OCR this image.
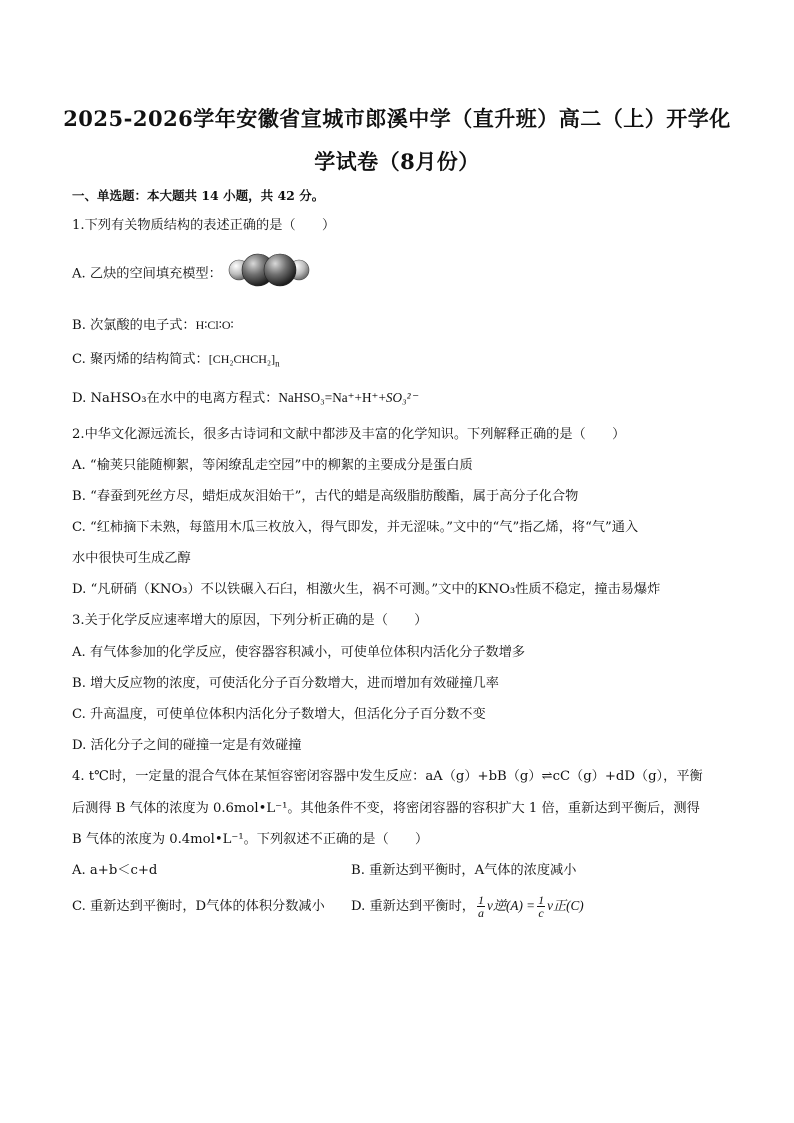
2025-2026学年安徽省宣城市郎溪中学（直升班）高二（上）开学化
学试卷（8月份）
一、单选题：本大题共 14 小题，共 42 分。
1.下列有关物质结构的表述正确的是（　　）
A. 乙炔的空间填充模型：
B. 次氯酸的电子式：H∶Cl∶O∶
C. 聚丙烯的结构简式：$[CH_2CHCH_2]_n$
D. NaHSO₃在水中的电离方程式：NaHSO₃=Na⁺+H⁺+SO₃²⁻
2.中华文化源远流长，很多古诗词和文献中都涉及丰富的化学知识。下列解释正确的是（　　）
A. “榆荚只能随柳絮，等闲缭乱走空园”中的柳絮的主要成分是蛋白质
B. “春蚕到死丝方尽，蜡炬成灰泪始干”，古代的蜡是高级脂肪酸酯，属于高分子化合物
C. “红柿摘下未熟，每篮用木瓜三枚放入，得气即发，并无涩味。”文中的“气”指乙烯，将“气”通入
水中很快可生成乙醇
D. “凡研硝（KNO₃）不以铁碾入石臼，相激火生，祸不可测。”文中的KNO₃性质不稳定，撞击易爆炸
3.关于化学反应速率增大的原因，下列分析正确的是（　　）
A. 有气体参加的化学反应，使容器容积减小，可使单位体积内活化分子数增多
B. 增大反应物的浓度，可使活化分子百分数增大，进而增加有效碰撞几率
C. 升高温度，可使单位体积内活化分子数增大，但活化分子百分数不变
D. 活化分子之间的碰撞一定是有效碰撞
4. t℃时，一定量的混合气体在某恒容密闭容器中发生反应：aA（g）+bB（g）⇌cC（g）+dD（g），平衡
后测得 B 气体的浓度为 0.6mol•L⁻¹。其他条件不变，将密闭容器的容积扩大 1 倍，重新达到平衡后，测得
B 气体的浓度为 0.4mol•L⁻¹。下列叙述不正确的是（　　）
A. a+b＜c+d	B. 重新达到平衡时，A气体的浓度减小
C. 重新达到平衡时，D气体的体积分数减小 D. 重新达到平衡时， $\frac{1}{a}$ v逆$(A) = \frac{1}{c}$ v正(C)
